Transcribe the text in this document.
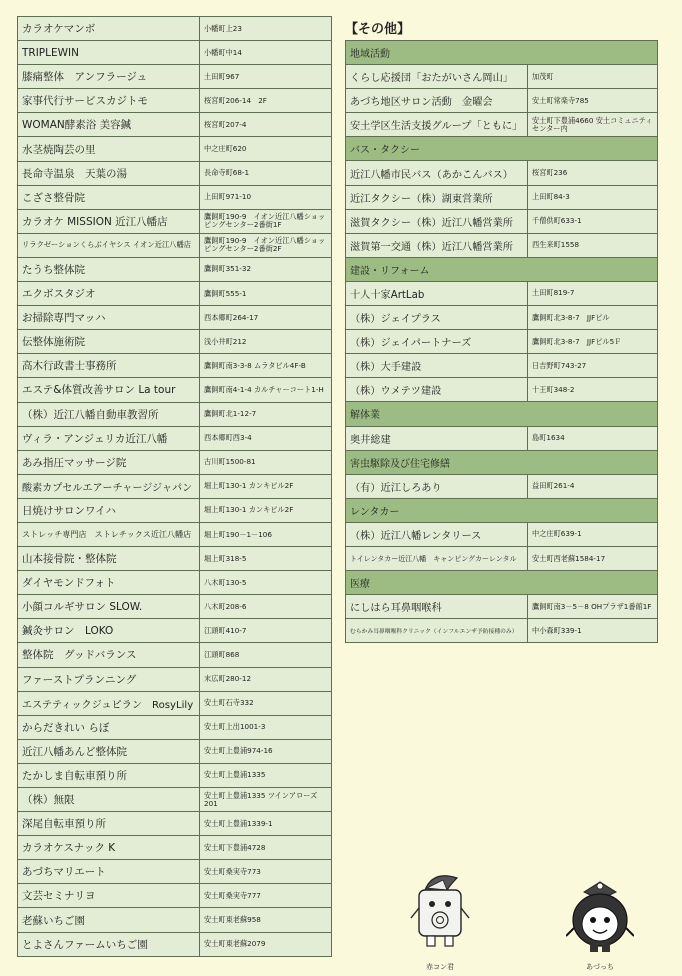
カラオケマンボ	小幡町上23
TRIPLEWIN	小幡町中14
膝痛整体　アンフラージュ	土田町967
家事代行サービスカジトモ	桜宮町206-14　2F
WOMAN酵素浴 美容鍼	桜宮町207-4
水茎焼陶芸の里	中之庄町620
長命寺温泉　天葉の湯	長命寺町68-1
こざさ整骨院	上田町971-10
カラオケ MISSION 近江八幡店	鷹飼町190-9　イオン近江八幡ショッピングセンター2番街1F
リラクゼーションくらぶイヤシス イオン近江八幡店	鷹飼町190-9　イオン近江八幡ショッピングセンター2番街2F
たうち整体院	鷹飼町351-32
エクボスタジオ	鷹飼町555-1
お掃除専門マッハ	西本郷町264-17
伝整体施術院	浅小井町212
高木行政書士事務所	鷹飼町南3-3-8 ムラタビル4F-B
エステ&体質改善サロン La tour	鷹飼町南4-1-4 カルチャーコート1-H
（株）近江八幡自動車教習所	鷹飼町北1-12-7
ヴィラ・アンジェリカ近江八幡	西本郷町西3-4
あみ指圧マッサージ院	古川町1500-81
酸素カプセルエアーチャージジャパン	堀上町130-1 カンキビル2F
日焼けサロンワイハ	堀上町130-1 カンキビル2F
ストレッチ専門店　ストレチックス近江八幡店	堀上町190－1－106
山本接骨院・整体院	堀上町318-5
ダイヤモンドフォト	八木町130-5
小顔コルギサロン SLOW.	八木町208-6
鍼灸サロン　LOKO	江頭町410-7
整体院　グッドバランス	江頭町868
ファーストプランニング	末広町280-12
エステティックジュピラン　RosyLily	安土町石寺332
からだきれい らぼ	安土町上出1001-3
近江八幡あんど整体院	安土町上豊浦974-16
たかしま自転車預り所	安土町上豊浦1335
（株）無限	安土町上豊浦1335 ツインアローズ201
深尾自転車預り所	安土町上豊浦1339-1
カラオケスナック K	安土町下豊浦4728
あづちマリエート	安土町桑実寺773
文芸セミナリヨ	安土町桑実寺777
老蘇いちご園	安土町東老蘇958
とよさんファームいちご園	安土町東老蘇2079
【その他】
地域活動	
くらし応援団「おたがいさん岡山」	加茂町
あづち地区サロン活動　金曜会	安土町常楽寺785
安土学区生活支援グループ「ともに」	安土町下豊浦4660 安土コミュニティセンター内
バス・タクシー	
近江八幡市民バス（あかこんバス）	桜宮町236
近江タクシー（株）湖東営業所	上田町84-3
滋賀タクシー（株）近江八幡営業所	千僧供町633-1
滋賀第一交通（株）近江八幡営業所	西生来町1558
建設・リフォーム	
十人十家ArtLab	土田町819-7
（株）ジェイプラス	鷹飼町北3-8-7　JJFビル
（株）ジェイパートナーズ	鷹飼町北3-8-7　JJFビル5Ｆ
（株）大手建設	日吉野町743-27
（株）ウメテツ建設	十王町348-2
解体業	
奥井総建	島町1634
害虫駆除及び住宅修繕	
（有）近江しろあり	益田町261-4
レンタカー	
（株）近江八幡レンタリース	中之庄町639-1
トイレンタカー近江八幡　キャンピングカーレンタル	安土町西老蘇1584-17
医療	
にしはら耳鼻咽喉科	鷹飼町南3－5－8 OHプラザ1番館1F
むらかみ耳鼻咽喉科クリニック（インフルエンザ予防接種のみ）	中小森町339-1
赤コン君	あづっち
